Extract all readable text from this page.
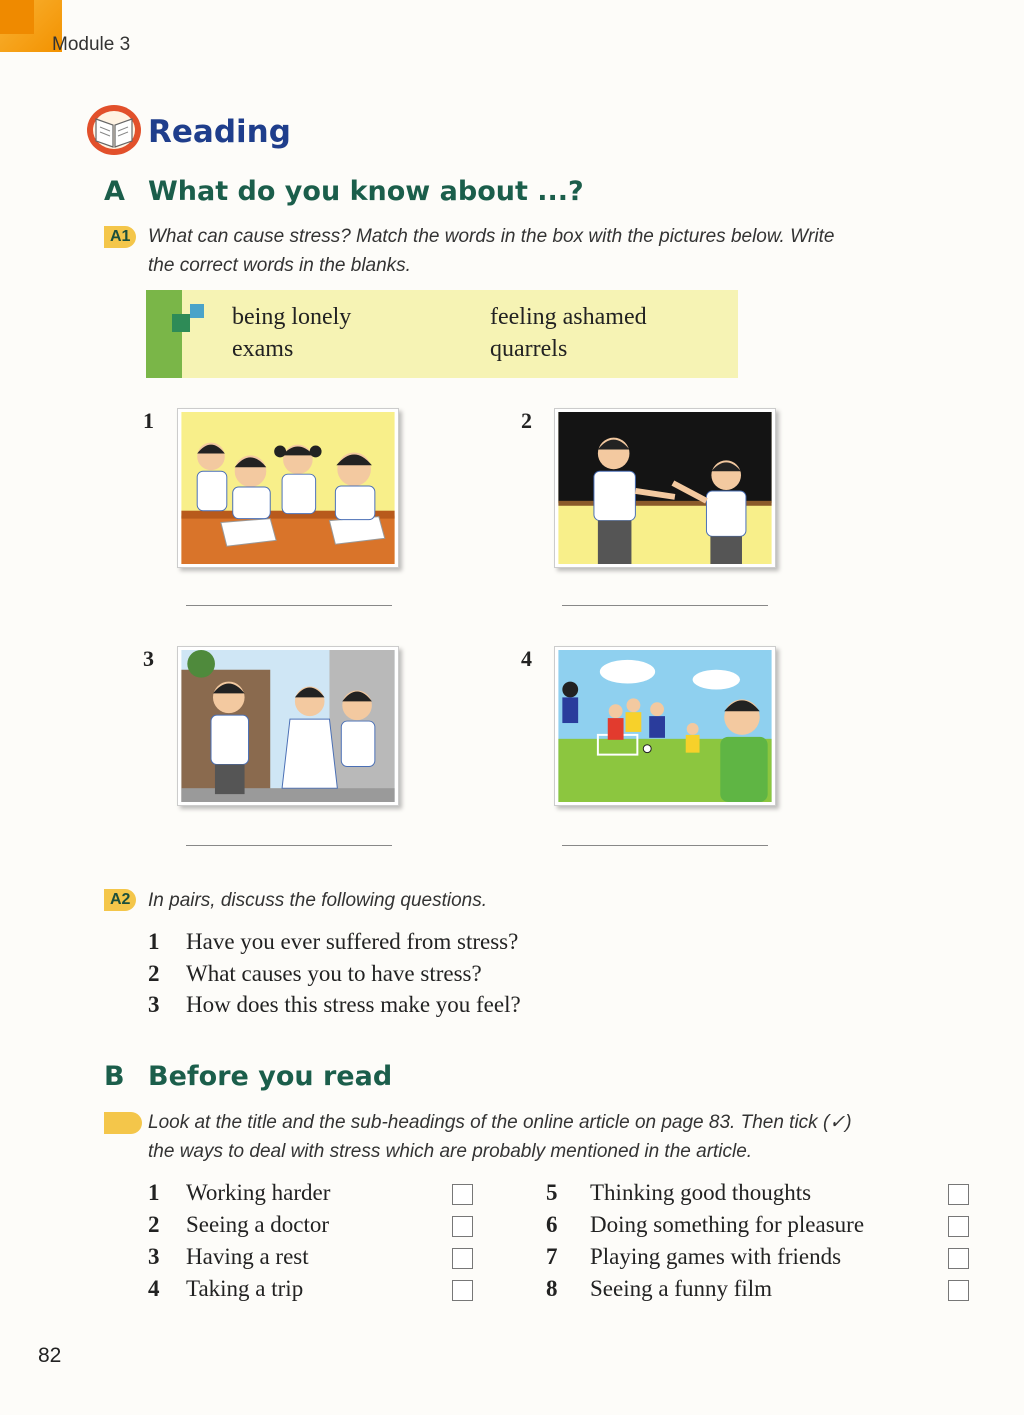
Module 3
Reading
A What do you know about ...?
A1 What can cause stress? Match the words in the box with the pictures below. Write
the correct words in the blanks.
being lonely	feeling ashamed
exams	quarrels
1	2
3	4
A2 In pairs, discuss the following questions.
1 Have you ever suffered from stress?
2 What causes you to have stress?
3 How does this stress make you feel?
B Before you read
Look at the title and the sub-headings of the online article on page 83. Then tick (✓)
the ways to deal with stress which are probably mentioned in the article.
1 Working harder
2 Seeing a doctor
3 Having a rest
4 Taking a trip
5 Thinking good thoughts
6 Doing something for pleasure
7 Playing games with friends
8 Seeing a funny film
82
